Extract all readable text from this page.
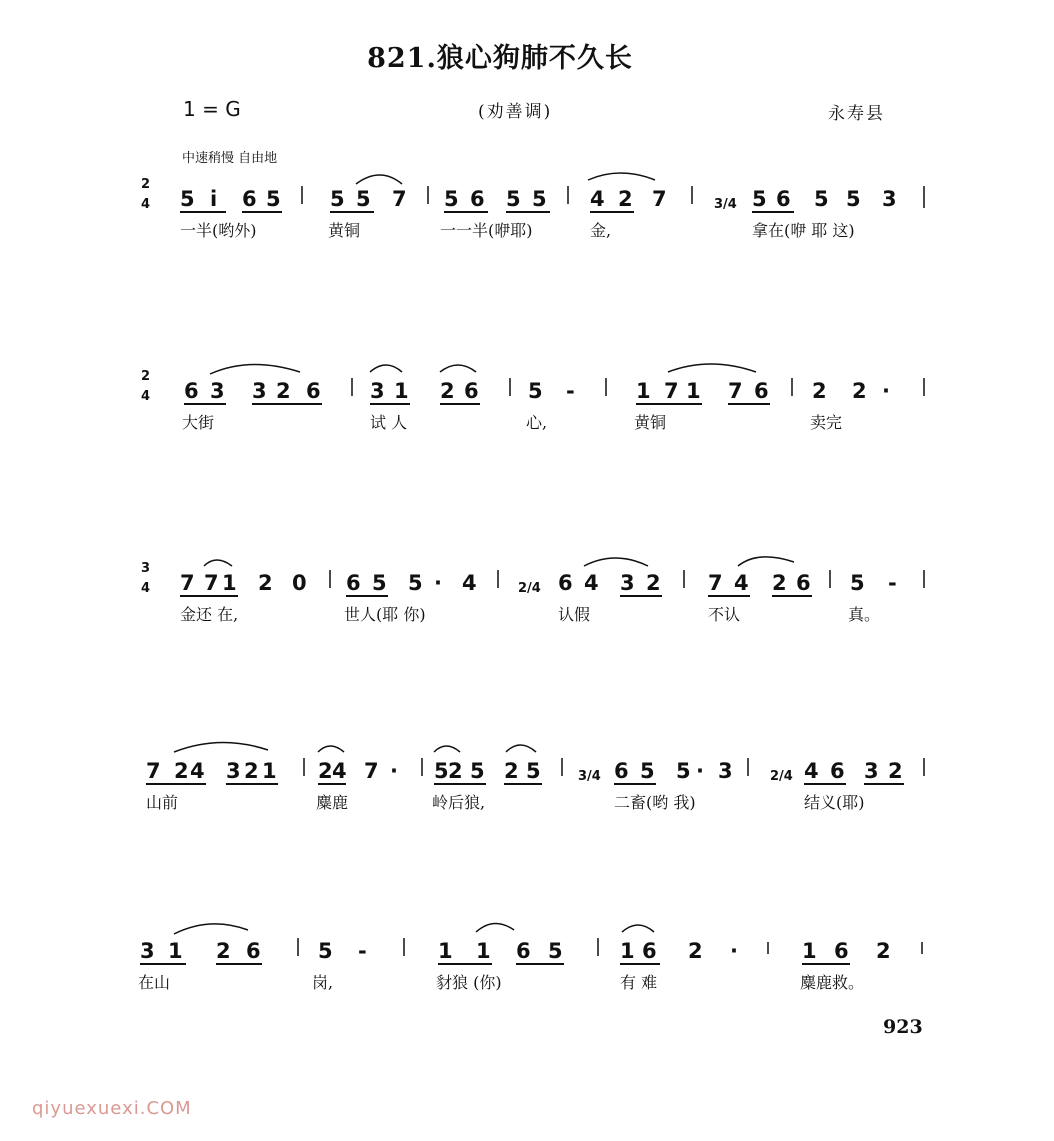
821.狼心狗肺不久长
1 = G	(劝善调)	永寿县
中速稍慢 自由地
2
4 5 i 6 5 5 5 7 5 6 5 5 4 2 7	3/4 5 6 5 5 3
一半(哟外)	黄铜	一一半(咿耶)	金,	拿在(咿 耶 这)
2
4 6 3 3 2 6 3 1 2 6 5 -	1 7 1 7 6 2 2 ·
大街	试 人	心,	黄铜	卖完
3
4 7 7 1 2 0 6 5 5 · 4	2/4 6 4 3 2 7 4 2 6 5 -
金还 在,	世人(耶 你)	认假	不认	真。
7 2 4 3 2 1 2 4 7 · 5 2 5 2 5	3/4 6 5 5 · 3	2/4 4 6 3 2
山前	麋鹿	岭后狼,	二畜(哟 我)	结义(耶)
3 1 2 6	5 -	1 1 6 5	1 6 2 ·	1 6 2
在山	岗,	豺狼 (你)	有 难	麋鹿救。
923
qiyuexuexi.COM
